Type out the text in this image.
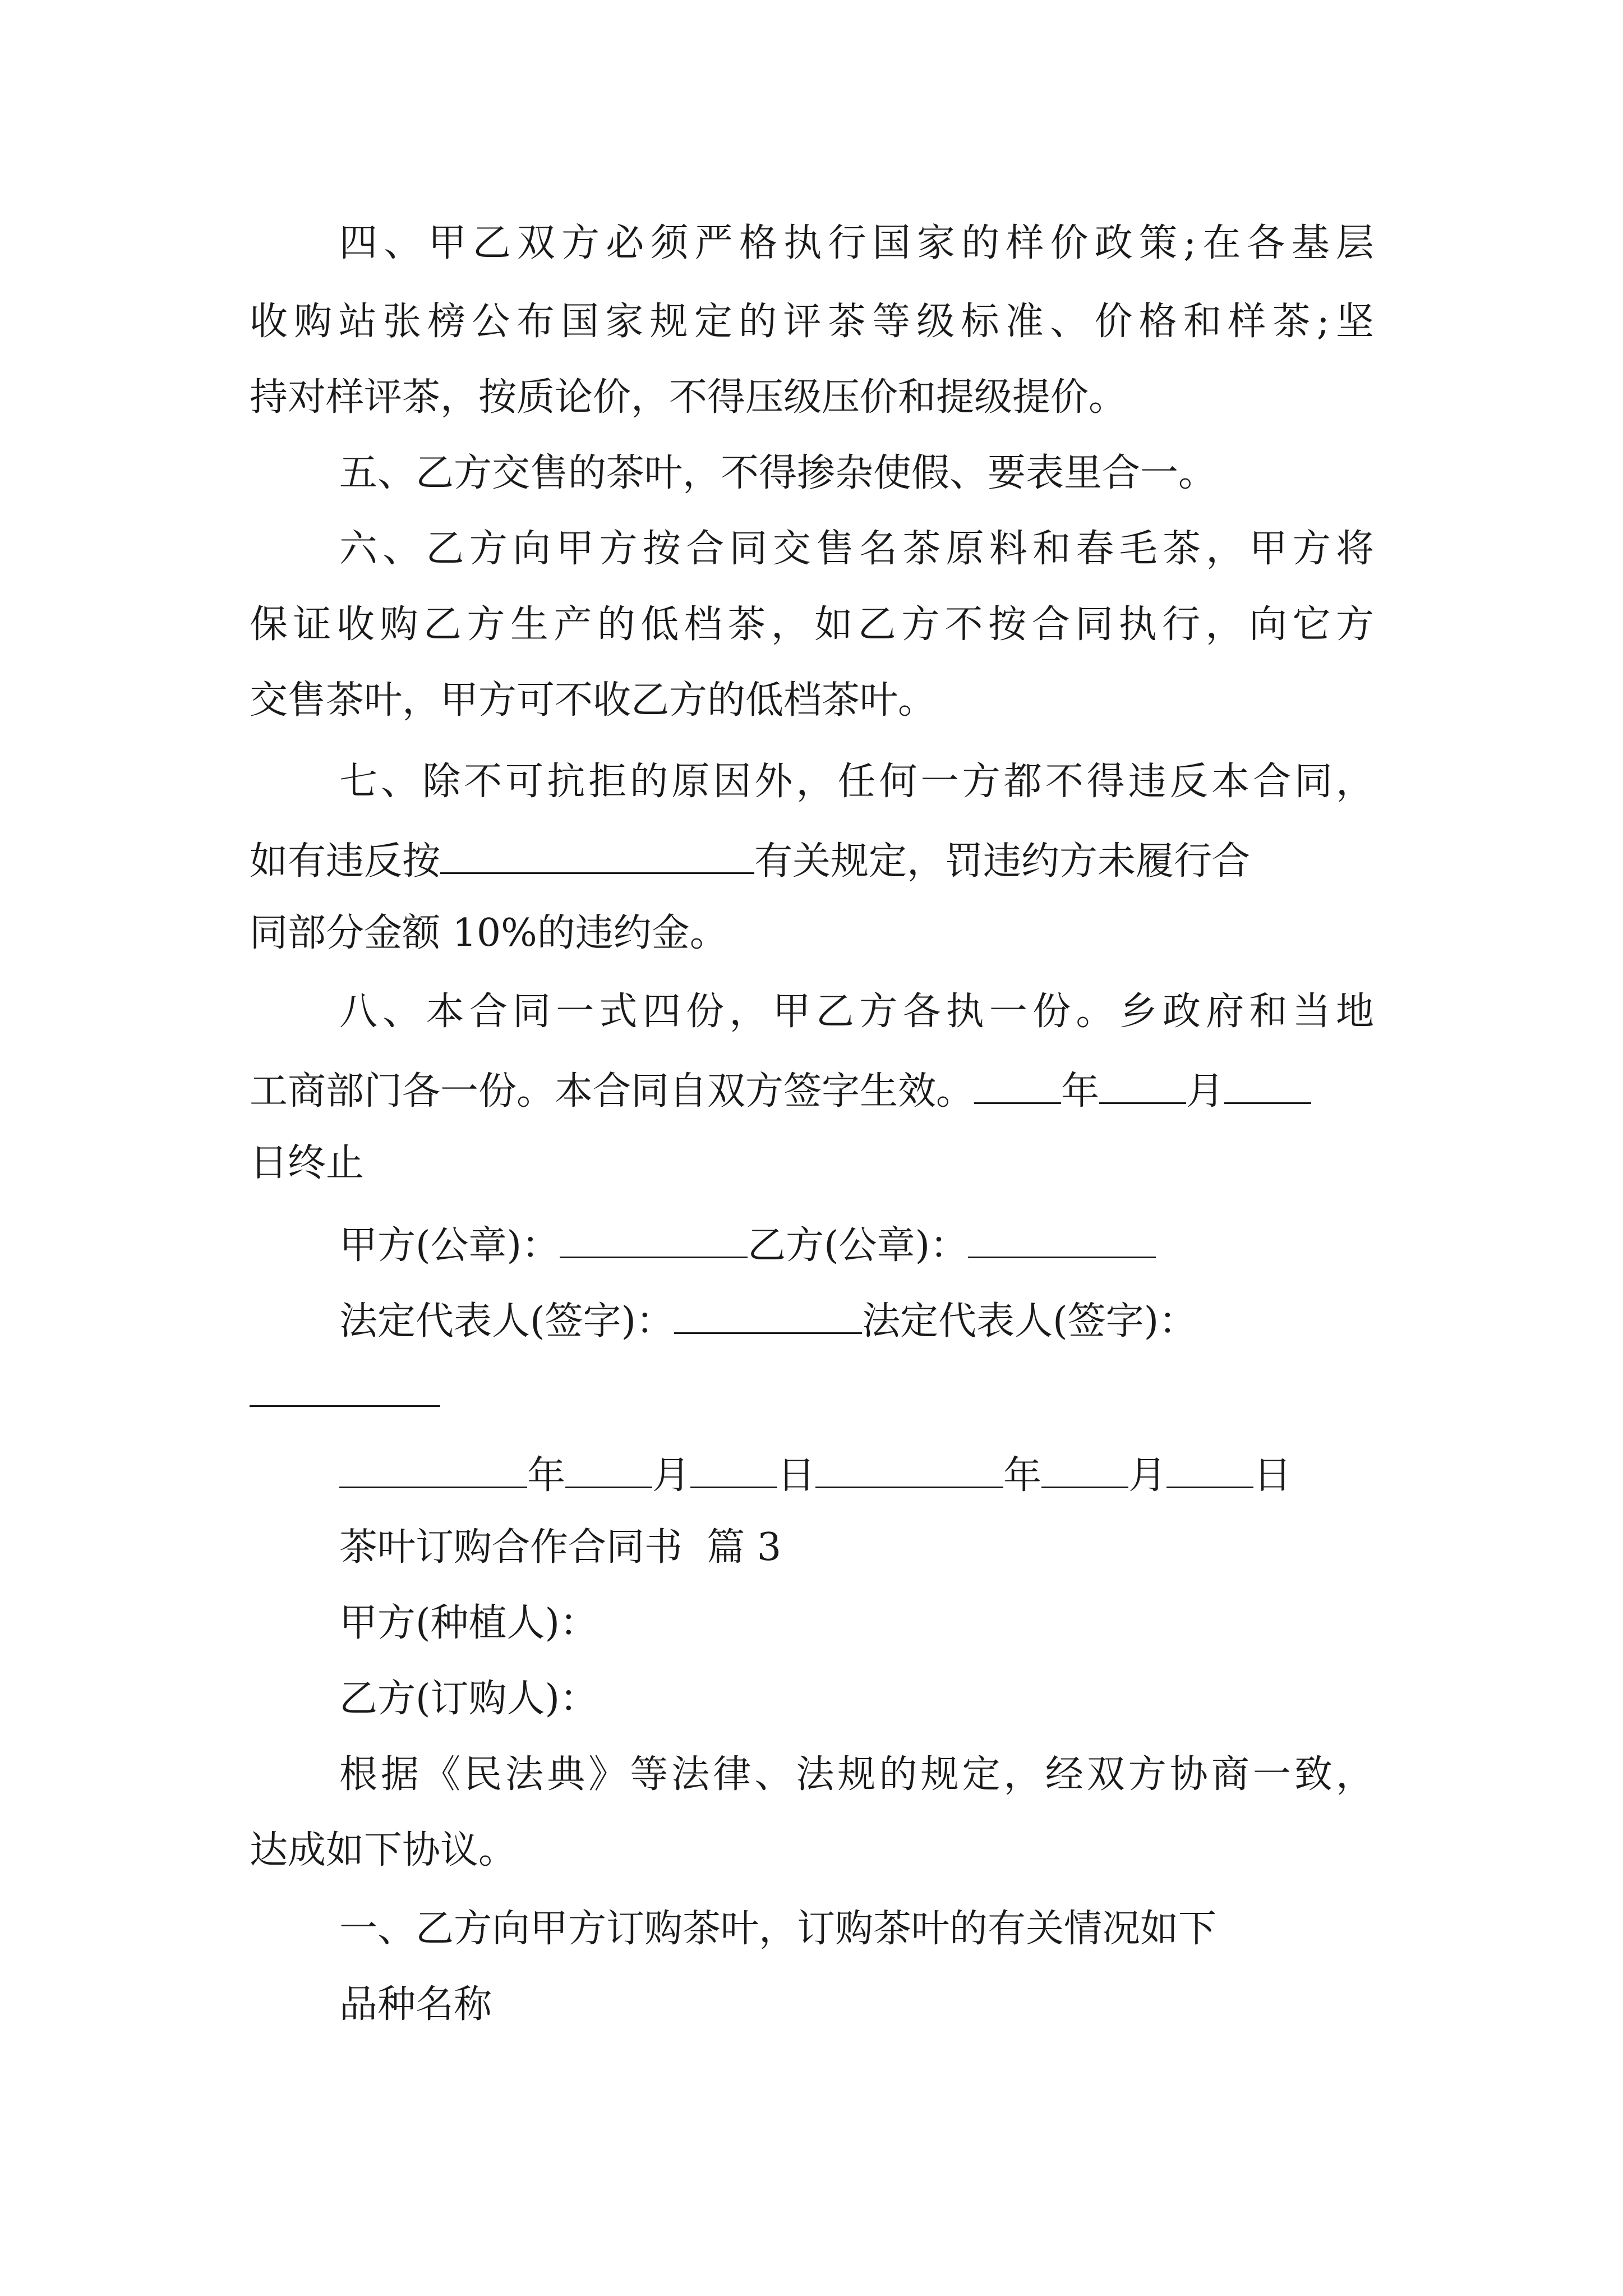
四、甲乙双方必须严格执行国家的样价政策;在各基层
收购站张榜公布国家规定的评茶等级标准、价格和样茶;坚
持对样评茶，按质论价，不得压级压价和提级提价。
五、乙方交售的茶叶，不得掺杂使假、要表里合一。
六、乙方向甲方按合同交售名茶原料和春毛茶，甲方将
保证收购乙方生产的低档茶，如乙方不按合同执行，向它方
交售茶叶，甲方可不收乙方的低档茶叶。
七、除不可抗拒的原因外，任何一方都不得违反本合同，
如有违反按	有关规定，罚违约方未履行合
同部分金额 10%的违约金。
八、本合同一式四份，甲乙方各执一份。乡政府和当地
工商部门各一份。本合同自双方签字生效。 年 月
日终止
甲方(公章)：	乙方(公章)：
法定代表人(签字)：	法定代表人(签字)：
年 月 日	年 月 日
茶叶订购合作合同书  篇 3
甲方(种植人)：
乙方(订购人)：
根据《民法典》等法律、法规的规定，经双方协商一致，
达成如下协议。
一、乙方向甲方订购茶叶，订购茶叶的有关情况如下
品种名称
